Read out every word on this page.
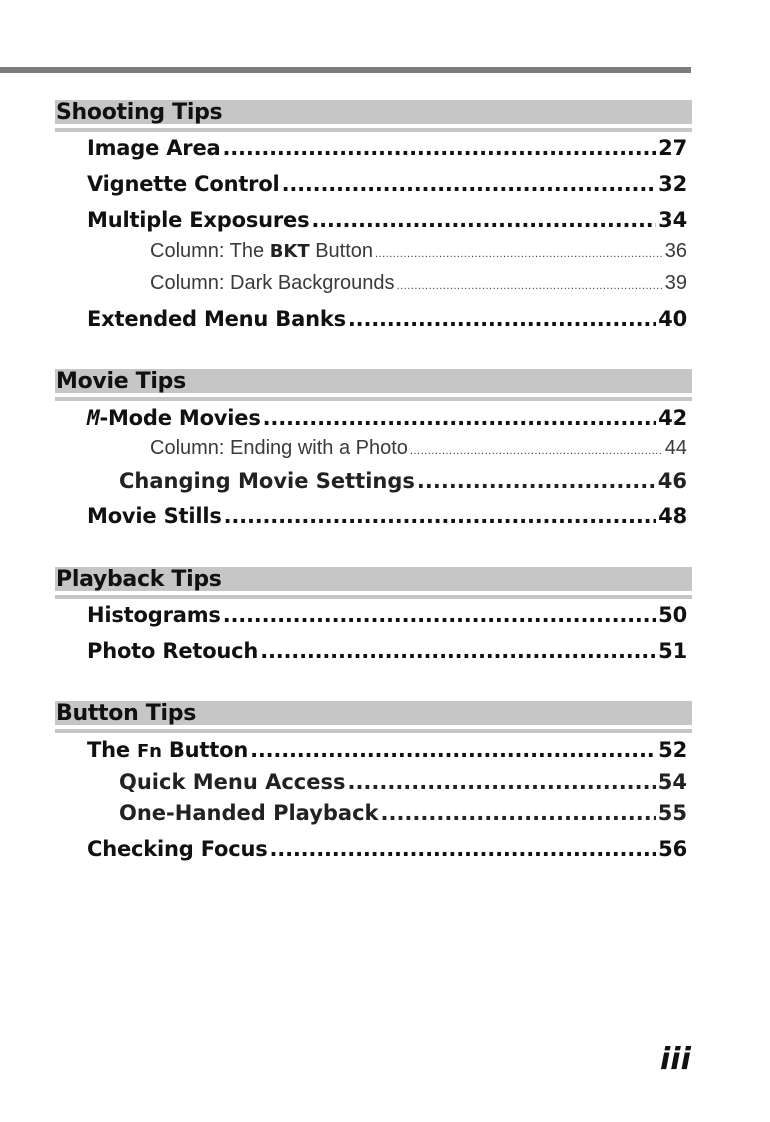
Shooting Tips
Image Area .....	27
Vignette Control .....	32
Multiple Exposures .....	34
Column: The BKT Button .....	36
Column: Dark Backgrounds .....	39
Extended Menu Banks .....	40
Movie Tips
M-Mode Movies .....	42
Column: Ending with a Photo .....	44
Changing Movie Settings .....	46
Movie Stills .....	48
Playback Tips
Histograms .....	50
Photo Retouch .....	51
Button Tips
The Fn Button .....	52
Quick Menu Access .....	54
One-Handed Playback .....	55
Checking Focus .....	56
iii
